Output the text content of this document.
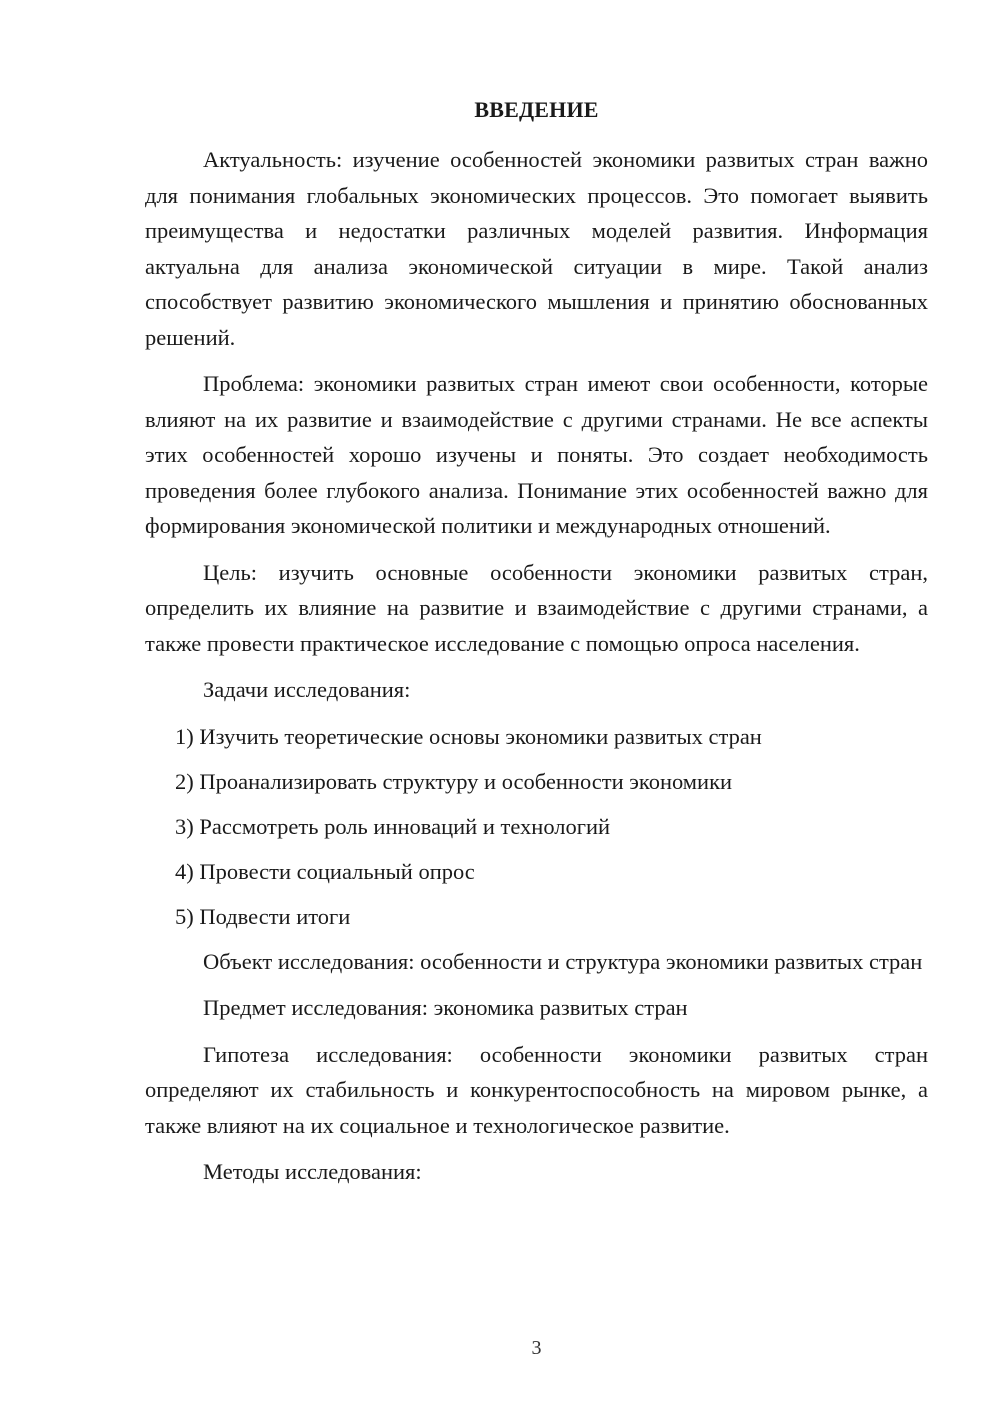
ВВЕДЕНИЕ

Актуальность: изучение особенностей экономики развитых стран важно для понимания глобальных экономических процессов. Это помогает выявить преимущества и недостатки различных моделей развития. Информация актуальна для анализа экономической ситуации в мире. Такой анализ способствует развитию экономического мышления и принятию обоснованных решений.

Проблема: экономики развитых стран имеют свои особенности, которые влияют на их развитие и взаимодействие с другими странами. Не все аспекты этих особенностей хорошо изучены и поняты. Это создает необходимость проведения более глубокого анализа. Понимание этих особенностей важно для формирования экономической политики и международных отношений.

Цель: изучить основные особенности экономики развитых стран, определить их влияние на развитие и взаимодействие с другими странами, а также провести практическое исследование с помощью опроса населения.

Задачи исследования:

1) Изучить теоретические основы экономики развитых стран

2) Проанализировать структуру и особенности экономики

3) Рассмотреть роль инноваций и технологий

4) Провести социальный опрос

5) Подвести итоги

Объект исследования: особенности и структура экономики развитых стран

Предмет исследования: экономика развитых стран

Гипотеза исследования: особенности экономики развитых стран определяют их стабильность и конкурентоспособность на мировом рынке, а также влияют на их социальное и технологическое развитие.

Методы исследования:

3
